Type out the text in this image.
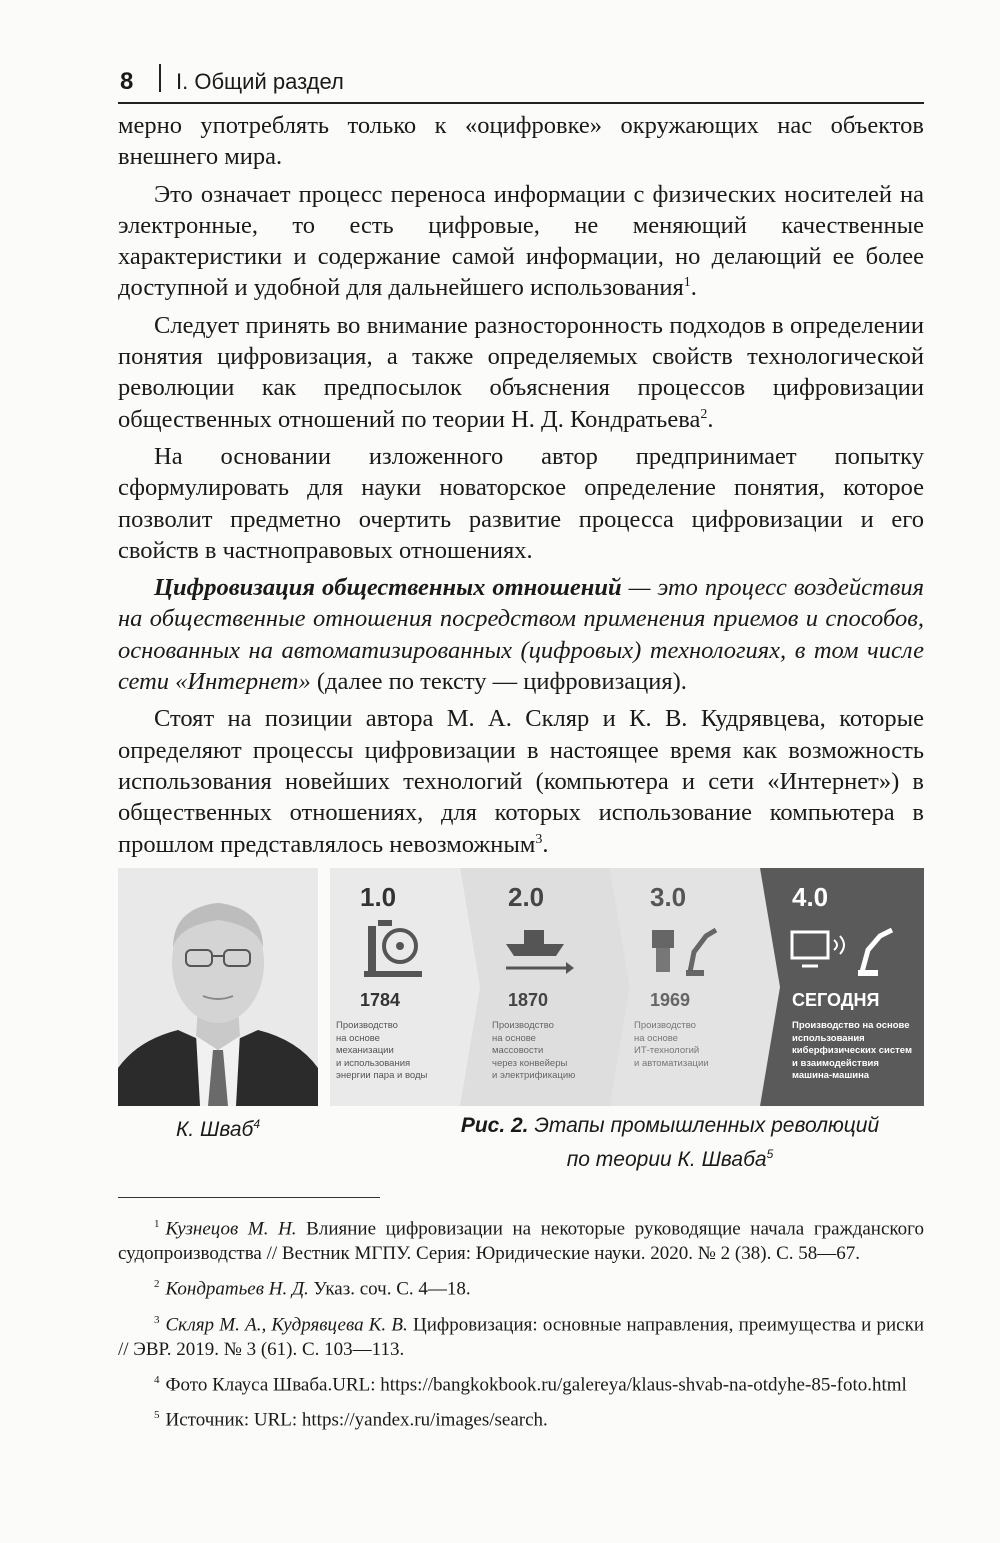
8 I. Общий раздел

мерно употреблять только к «оцифровке» окружающих нас объектов внешнего мира.

Это означает процесс переноса информации с физических носителей на электронные, то есть цифровые, не меняющий качественные характеристики и содержание самой информации, но делающий ее более доступной и удобной для дальнейшего использования$^1$.

Следует принять во внимание разносторонность подходов в определении понятия цифровизация, а также определяемых свойств технологической революции как предпосылок объяснения процессов цифровизации общественных отношений по теории Н. Д. Кондратьева$^2$.

На основании изложенного автор предпринимает попытку сформулировать для науки новаторское определение понятия, которое позволит предметно очертить развитие процесса цифровизации и его свойств в частноправовых отношениях.

Цифровизация общественных отношений — это процесс воздействия на общественные отношения посредством применения приемов и способов, основанных на автоматизированных (цифровых) технологиях, в том числе сети «Интернет» (далее по тексту — цифровизация).

Стоят на позиции автора М. А. Скляр и К. В. Кудрявцева, которые определяют процессы цифровизации в настоящее время как возможность использования новейших технологий (компьютера и сети «Интернет») в общественных отношениях, для которых использование компьютера в прошлом представлялось невозможным$^3$.

К. Шваб$^4$
1.0
1784
Производство
на основе
механизации
и использования
энергии пара и воды
2.0
1870
Производство
на основе
массовости
через конвейеры
и электрификацию
3.0
1969
Производство
на основе
ИТ-технологий
и автоматизации
4.0
СЕГОДНЯ
Производство на основе
использования
киберфизических систем
и взаимодействия
машина-машина
Рис. 2. Этапы промышленных революций
по теории К. Шваба$^5$
$^1$ Кузнецов М. Н. Влияние цифровизации на некоторые руководящие начала гражданского судопроизводства // Вестник МГПУ. Серия: Юридические науки. 2020. № 2 (38). С. 58—67.
$^2$ Кондратьев Н. Д. Указ. соч. С. 4—18.
$^3$ Скляр М. А., Кудрявцева К. В. Цифровизация: основные направления, преимущества и риски // ЭВР. 2019. № 3 (61). С. 103—113.
$^4$ Фото Клауса Шваба.URL: https://bangkokbook.ru/galereya/klaus-shvab-na-otdyhe-85-foto.html
$^5$ Источник: URL: https://yandex.ru/images/search.
